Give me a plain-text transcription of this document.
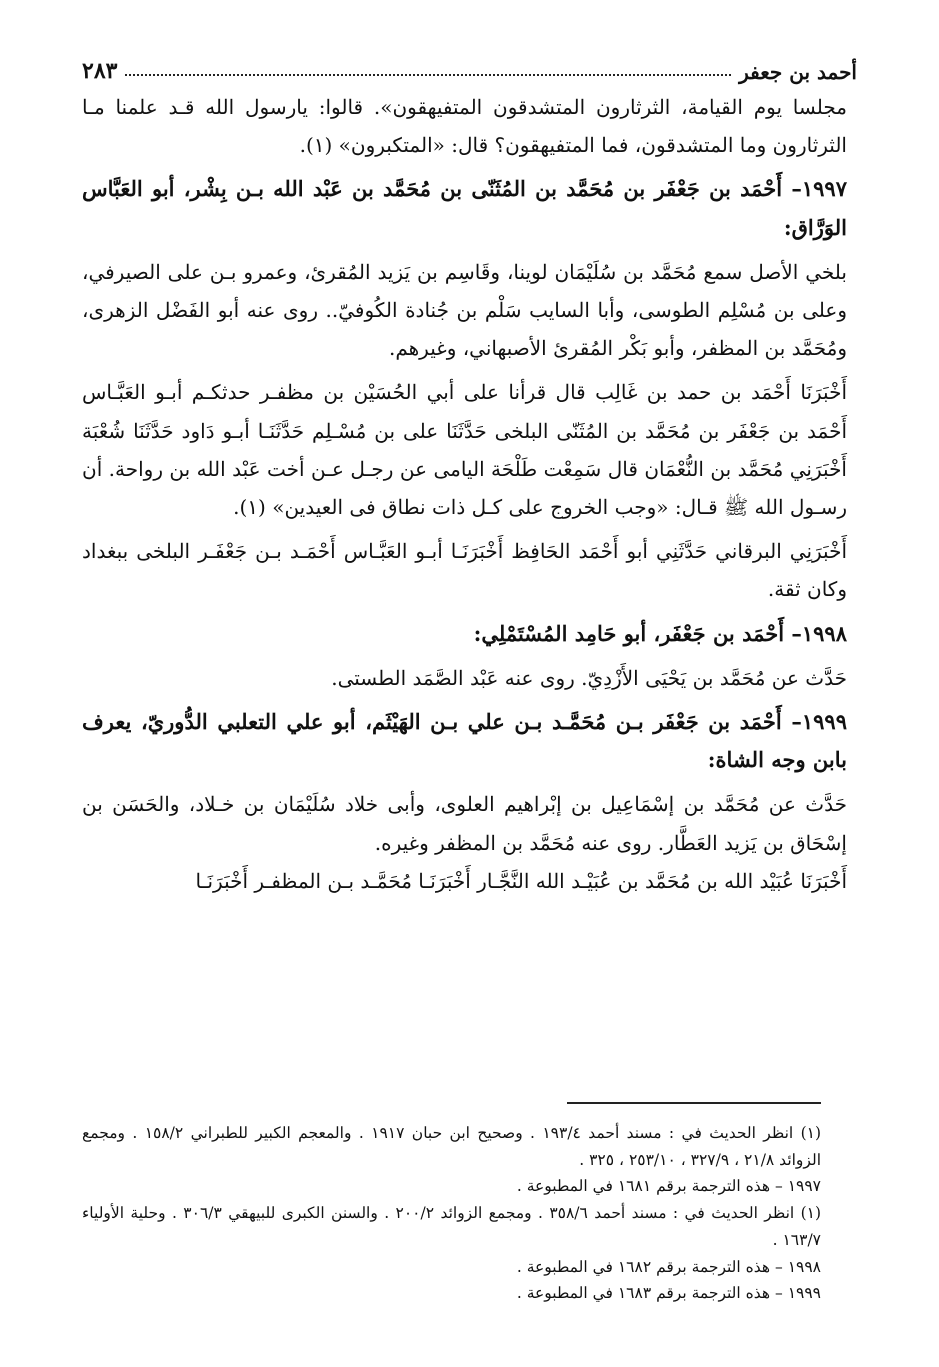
أحمد بن جعفر
٢٨٣

مجلسا يوم القيامة، الثرثارون المتشدقون المتفيهقون». قالوا: يارسول الله قـد علمنا مـا الثرثارون وما المتشدقون، فما المتفيهقون؟ قال: «المتكبرون» (١).

١٩٩٧– أَحْمَد بن جَعْفَر بن مُحَمَّد بن المُثَنّى بن مُحَمَّد بن عَبْد الله بـن بِشْر، أبو العَبَّاس الوَرَّاق:

بلخي الأصل سمع مُحَمَّد بن سُلَيْمَان لوينا، وقَاسِم بن يَزيد المُقرئ، وعمرو بـن على الصيرفي، وعلى بن مُسْلِم الطوسى، وأبا السايب سَلْم بن جُنادة الكُوفيّ.. روى عنه أبو الفَضْل الزهرى، ومُحَمَّد بن المظفر، وأبو بَكْر المُقرئ الأصبهاني، وغيرهم.

أَخْبَرَنَا أَحْمَد بن حمد بن غَالِب قال قرأنا على أبي الحُسَيْن بن مظفـر حدثكـم أبـو العَبَّـاس أَحْمَد بن جَعْفَر بن مُحَمَّد بن المُثَنّى البلخى حَدَّثَنَا على بن مُسْـلِم حَدَّثَنَـا أبـو دَاود حَدَّثَنَا شُعْبَة أَخْبَرَنِي مُحَمَّد بن النُّعْمَان قال سَمِعْت طَلْحَة اليامى عن رجـل عـن أخت عَبْد الله بن رواحة. أن رسـول الله ﷺ قـال: «وجب الخروج على كـل ذات نطاق فى العيدين» (١).

أَخْبَرَنِي البرقاني حَدَّثَنِي أبو أَحْمَد الحَافِظ أَخْبَرَنَـا أبـو العَبَّـاس أَحْمَـد بـن جَعْفَـر البلخى ببغداد وكان ثقة.

١٩٩٨– أَحْمَد بن جَعْفَر، أبو حَامِد المُسْتَمْلِي:

حَدَّث عن مُحَمَّد بن يَحْيَى الأَزْدِيّ. روى عنه عَبْد الصَّمَد الطستى.

١٩٩٩– أَحْمَد بن جَعْفَر بـن مُحَمَّـد بـن علي بـن الهَيْثَم، أبو علي التعلبي الدُّوريّ، يعرف بابن وجه الشاة:

حَدَّث عن مُحَمَّد بن إسْمَاعِيل بن إبْراهيم العلوى، وأبى خلاد سُلَيْمَان بن خـلاد، والحَسَن بن إسْحَاق بن يَزيد العَطَّار. روى عنه مُحَمَّد بن المظفر وغيره.

أَخْبَرَنَا عُبَيْد الله بن مُحَمَّد بن عُبَيْـد الله النَّجَّـار أَخْبَرَنَـا مُحَمَّـد بـن المظفـر أَخْبَرَنَـا

(١) انظر الحديث في : مسند أحمد ١٩٣/٤ . وصحيح ابن حبان ١٩١٧ . والمعجم الكبير للطبراني ١٥٨/٢ . ومجمع الزوائد ٢١/٨ ، ٣٢٧/٩ ، ٢٥٣/١٠ ، ٣٢٥ .

١٩٩٧ – هذه الترجمة برقم ١٦٨١ في المطبوعة .

(١) انظر الحديث في : مسند أحمد ٣٥٨/٦ . ومجمع الزوائد ٢٠٠/٢ . والسنن الكبرى للبيهقي ٣٠٦/٣ . وحلية الأولياء ١٦٣/٧ .

١٩٩٨ – هذه الترجمة برقم ١٦٨٢ في المطبوعة .

١٩٩٩ – هذه الترجمة برقم ١٦٨٣ في المطبوعة .
